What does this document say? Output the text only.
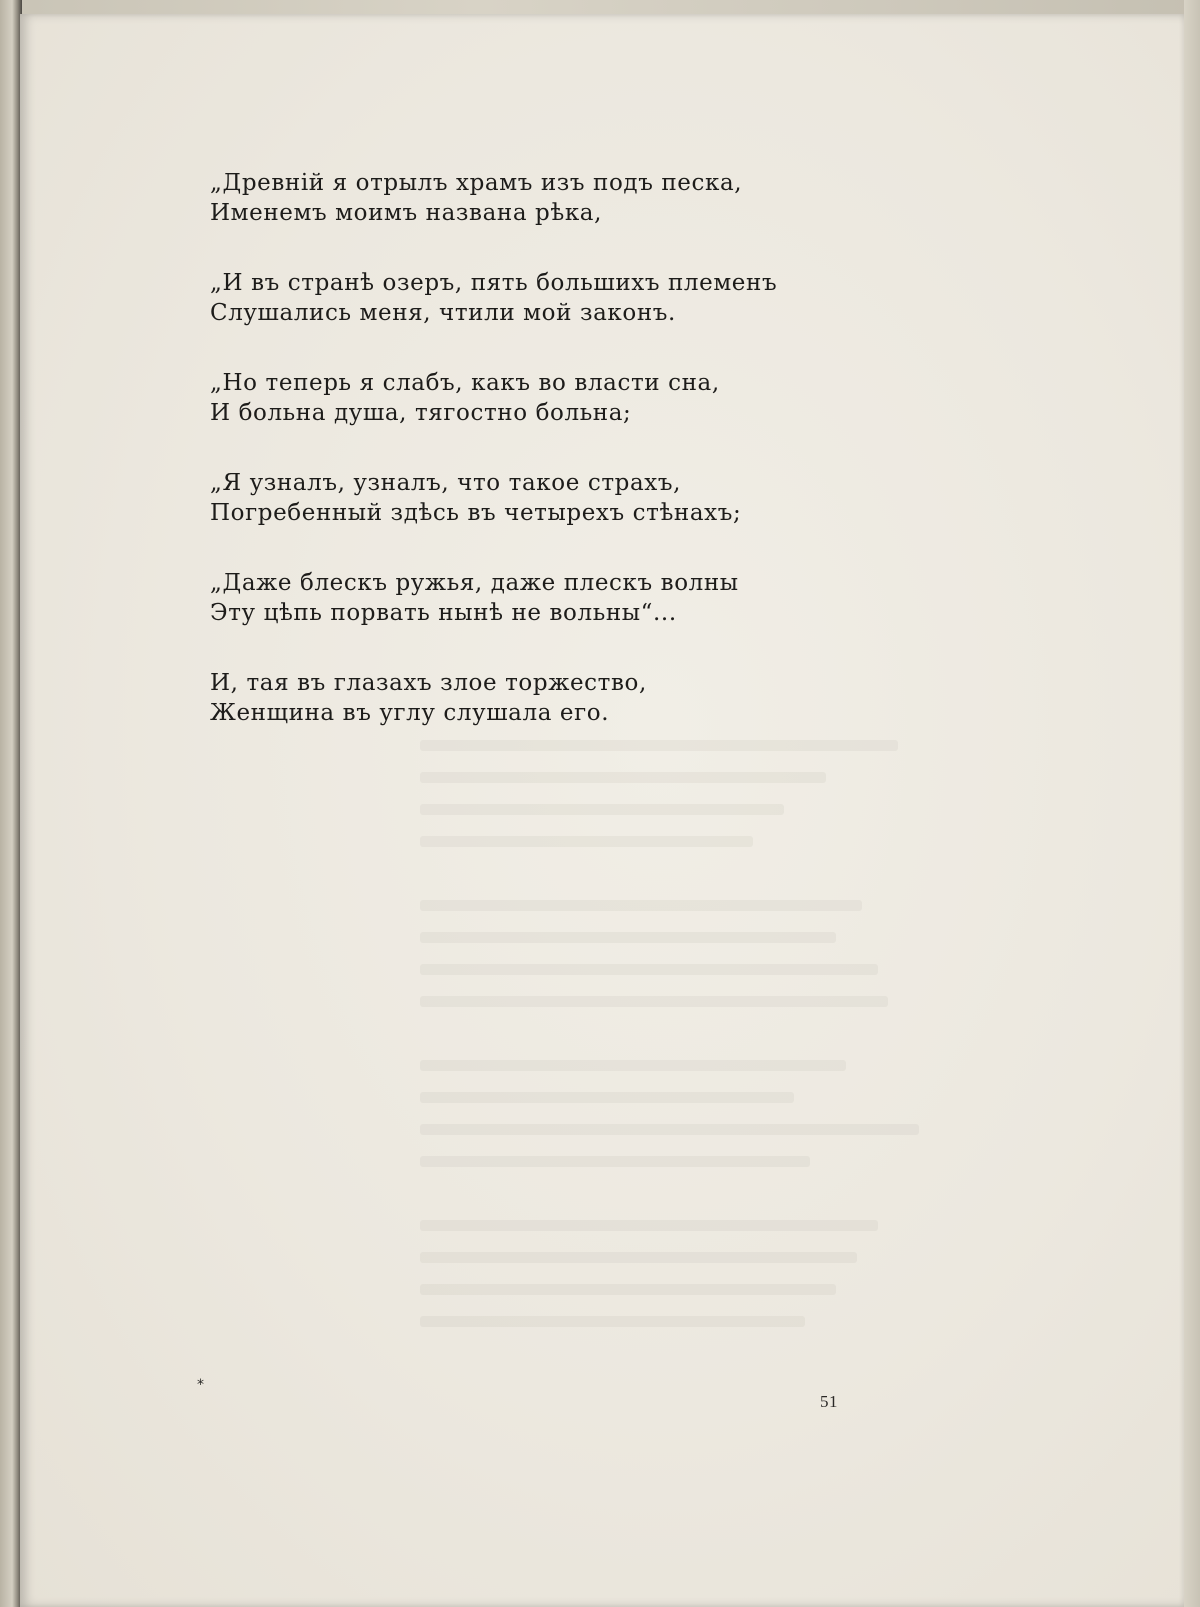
„Древній я отрылъ храмъ изъ подъ песка,
Именемъ моимъ названа рѣка,

„И въ странѣ озеръ, пять большихъ племенъ
Слушались меня, чтили мой законъ.

„Но теперь я слабъ, какъ во власти сна,
И больна душа, тягостно больна;

„Я узналъ, узналъ, что такое страхъ,
Погребенный здѣсь въ четырехъ стѣнахъ;

„Даже блескъ ружья, даже плескъ волны
Эту цѣпь порвать нынѣ не вольны“...

И, тая въ глазахъ злое торжество,
Женщина въ углу слушала его.

*
51
